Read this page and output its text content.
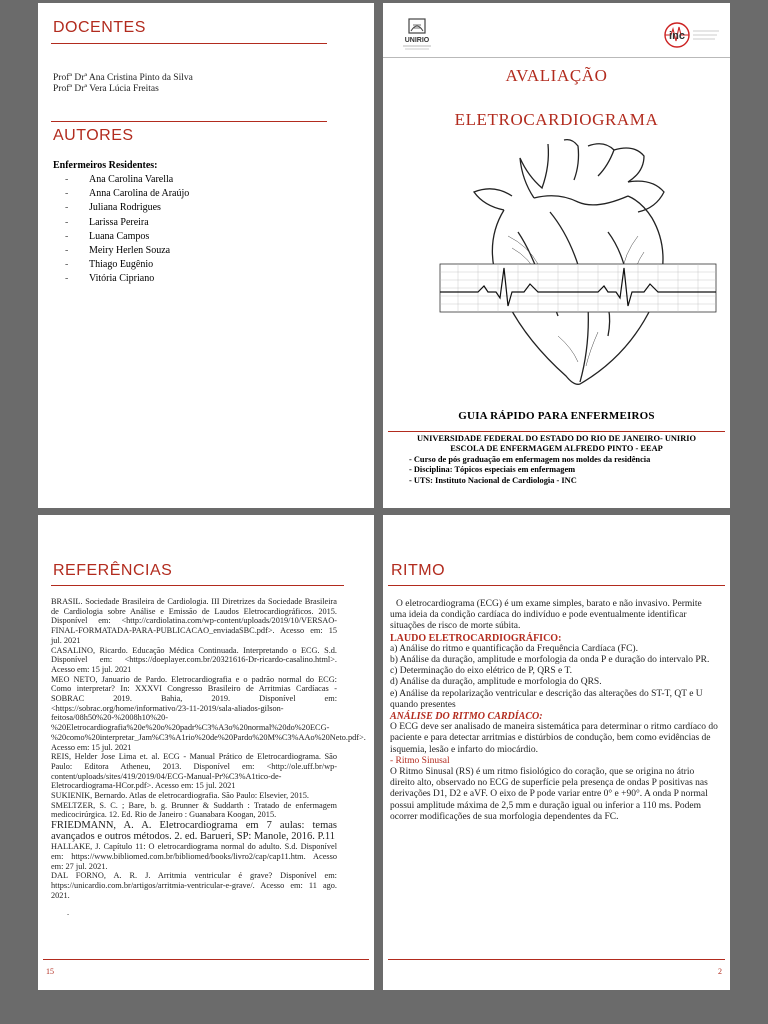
DOCENTES
Profª Drª Ana Cristina Pinto da Silva
Profª Drª Vera Lúcia Freitas
AUTORES
Enfermeiros Residentes:
-	Ana Carolina Varella
-	Anna Carolina de Araújo
-	Juliana Rodrigues
-	Larissa Pereira
-	Luana Campos
-	Meiry Herlen Souza
-	Thiago Eugênio
-	Vitória Cipriano
UNIRIO	inc
AVALIAÇÃO
ELETROCARDIOGRAMA
GUIA RÁPIDO PARA ENFERMEIROS
UNIVERSIDADE FEDERAL DO ESTADO DO RIO DE JANEIRO- UNIRIO
ESCOLA DE ENFERMAGEM ALFREDO PINTO - EEAP
- Curso de pós graduação em enfermagem nos moldes da residência
- Disciplina: Tópicos especiais em enfermagem
- UTS: Instituto Nacional de Cardiologia - INC
REFERÊNCIAS

BRASIL. Sociedade Brasileira de Cardiologia. III Diretrizes da Sociedade Brasileira de Cardiologia sobre Análise e Emissão de Laudos Eletrocardiográficos. 2015. Disponível em: <http://cardiolatina.com/wp-content/uploads/2019/10/VERSAO-FINAL-FORMATADA-PARA-PUBLICACAO_enviadaSBC.pdf>. Acesso em: 15 jul. 2021

CASALINO, Ricardo. Educação Médica Continuada. Interpretando o ECG. S.d. Disponível em: <https://doeplayer.com.br/20321616-Dr-ricardo-casalino.html>. Acesso em: 15 jul. 2021

MEO NETO, Januario de Pardo. Eletrocardiografia e o padrão normal do ECG: Como interpretar? In: XXXVI Congresso Brasileiro de Arritmias Cardíacas - SOBRAC 2019. Bahia, 2019. Disponível em: <https://sobrac.org/home/informativo/23-11-2019/sala-aliados-gilson-feitosa/08h50%20-%2008h10%20-%20Eletrocardiografia%20e%20o%20padr%C3%A3o%20normal%20do%20ECG-%20como%20interpretar_Jam%C3%A1rio%20de%20Pardo%20M%C3%AAo%20Neto.pdf>. Acesso em: 15 jul. 2021

REIS, Helder Jose Lima et. al. ECG - Manual Prático de Eletrocardiograma. São Paulo: Editora Atheneu, 2013. Disponível em: <http://ole.uff.br/wp-content/uploads/sites/419/2019/04/ECG-Manual-Pr%C3%A1tico-de-Eletrocardiograma-HCor.pdf>. Acesso em: 15 jul. 2021

SUKIENIK, Bernardo. Atlas de eletrocardiografia. São Paulo: Elsevier, 2015.

SMELTZER, S. C. ; Bare, b. g. Brunner & Suddarth : Tratado de enfermagem medicocirúrgica. 12. Ed. Rio de Janeiro : Guanabara Koogan, 2015.

FRIEDMANN, A. A. Eletrocardiograma em 7 aulas: temas avançados e outros métodos. 2. ed. Barueri, SP: Manole, 2016. P.11

HALLAKE, J. Capítulo 11: O eletrocardiograma normal do adulto. S.d. Disponível em: https://www.bibliomed.com.br/bibliomed/books/livro2/cap/cap11.htm. Acesso em: 27 jul. 2021.

DAL FORNO, A. R. J. Arritmia ventricular é grave? Disponível em: https://unicardio.com.br/artigos/arritmia-ventricular-e-grave/. Acesso em: 11 ago. 2021.

.

15
RITMO

O eletrocardiograma (ECG) é um exame simples, barato e não invasivo. Permite uma ideia da condição cardíaca do indivíduo e pode eventualmente identificar situações de risco de morte súbita.

LAUDO ELETROCARDIOGRÁFICO:

a) Análise do ritmo e quantificação da Frequência Cardíaca (FC).

b) Análise da duração, amplitude e morfologia da onda P e duração do intervalo PR.

c) Determinação do eixo elétrico de P, QRS e T.

d) Análise da duração, amplitude e morfologia do QRS.

e) Análise da repolarização ventricular e descrição das alterações do ST-T, QT e U quando presentes

ANÁLISE DO RITMO CARDÍACO:

O ECG deve ser analisado de maneira sistemática para determinar o ritmo cardíaco do paciente e para detectar arritmias e distúrbios de condução, bem como evidências de isquemia, lesão e infarto do miocárdio.

- Ritmo Sinusal

O Ritmo Sinusal (RS) é um ritmo fisiológico do coração, que se origina no átrio direito alto, observado no ECG de superfície pela presença de ondas P positivas nas derivações D1, D2 e aVF. O eixo de P pode variar entre 0° e +90°. A onda P normal possui amplitude máxima de 2,5 mm e duração igual ou inferior a 110 ms. Podem ocorrer modificações de sua morfologia dependentes da FC.

2
